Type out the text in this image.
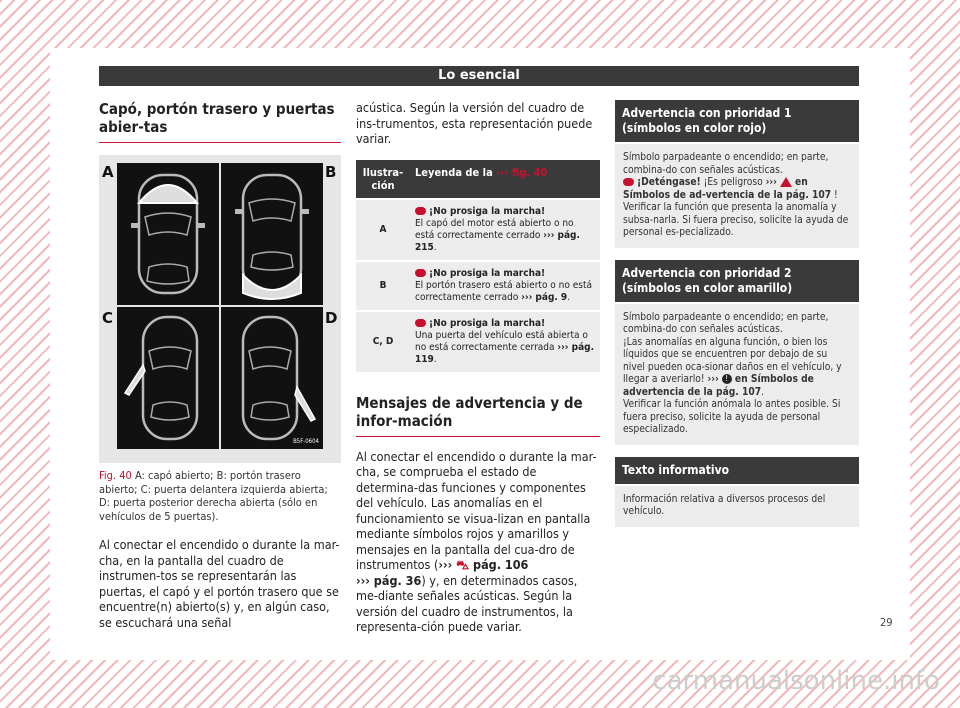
Lo esencial
Capó, portón trasero y puertas abier-tas
B5F-0604
A	B
C	D
Fig. 40 A: capó abierto; B: portón trasero abierto; C: puerta delantera izquierda abierta; D: puerta posterior derecha abierta (sólo en vehículos de 5 puertas).
Al conectar el encendido o durante la mar-cha, en la pantalla del cuadro de instrumen-tos se representarán las puertas, el capó y el portón trasero que se encuentre(n) abierto(s) y, en algún caso, se escuchará una señal
acústica. Según la versión del cuadro de ins-trumentos, esta representación puede variar.
Ilustra-ción	Leyenda de la ››› fig. 40
A	¡No prosiga la marcha!
El capó del motor está abierto o no está correctamente cerrado ››› pág. 215.
B	¡No prosiga la marcha!
El portón trasero está abierto o no está correctamente cerrado ››› pág. 9.
C, D	¡No prosiga la marcha!
Una puerta del vehículo está abierta o no está correctamente cerrada ››› pág. 119.
Mensajes de advertencia y de infor-mación
Al conectar el encendido o durante la mar-cha, se comprueba el estado de determina-das funciones y componentes del vehículo. Las anomalías en el funcionamiento se visua-lizan en pantalla mediante símbolos rojos y amarillos y mensajes en la pantalla del cua-dro de instrumentos (››› ⛍ pág. 106
››› pág. 36) y, en determinados casos, me-diante señales acústicas. Según la versión del cuadro de instrumentos, la representa-ción puede variar.
Advertencia con prioridad 1 (símbolos en color rojo)
Símbolo parpadeante o encendido; en parte, combina-do con señales acústicas.
¡Deténgase! ¡Es peligroso ›››  en Símbolos de ad-vertencia de la pág. 107 !
Verificar la función que presenta la anomalía y subsa-narla. Si fuera preciso, solicite la ayuda de personal es-pecializado.
Advertencia con prioridad 2 (símbolos en color amarillo)
Símbolo parpadeante o encendido; en parte, combina-do con señales acústicas.
¡Las anomalías en alguna función, o bien los líquidos que se encuentren por debajo de su nivel pueden oca-sionar daños en el vehículo, y llegar a averiarlo! ››› ! en Símbolos de advertencia de la pág. 107.
Verificar la función anómala lo antes posible. Si fuera preciso, solicite la ayuda de personal especializado.
Texto informativo
Información relativa a diversos procesos del vehículo.
29
carmanualsonline.info
